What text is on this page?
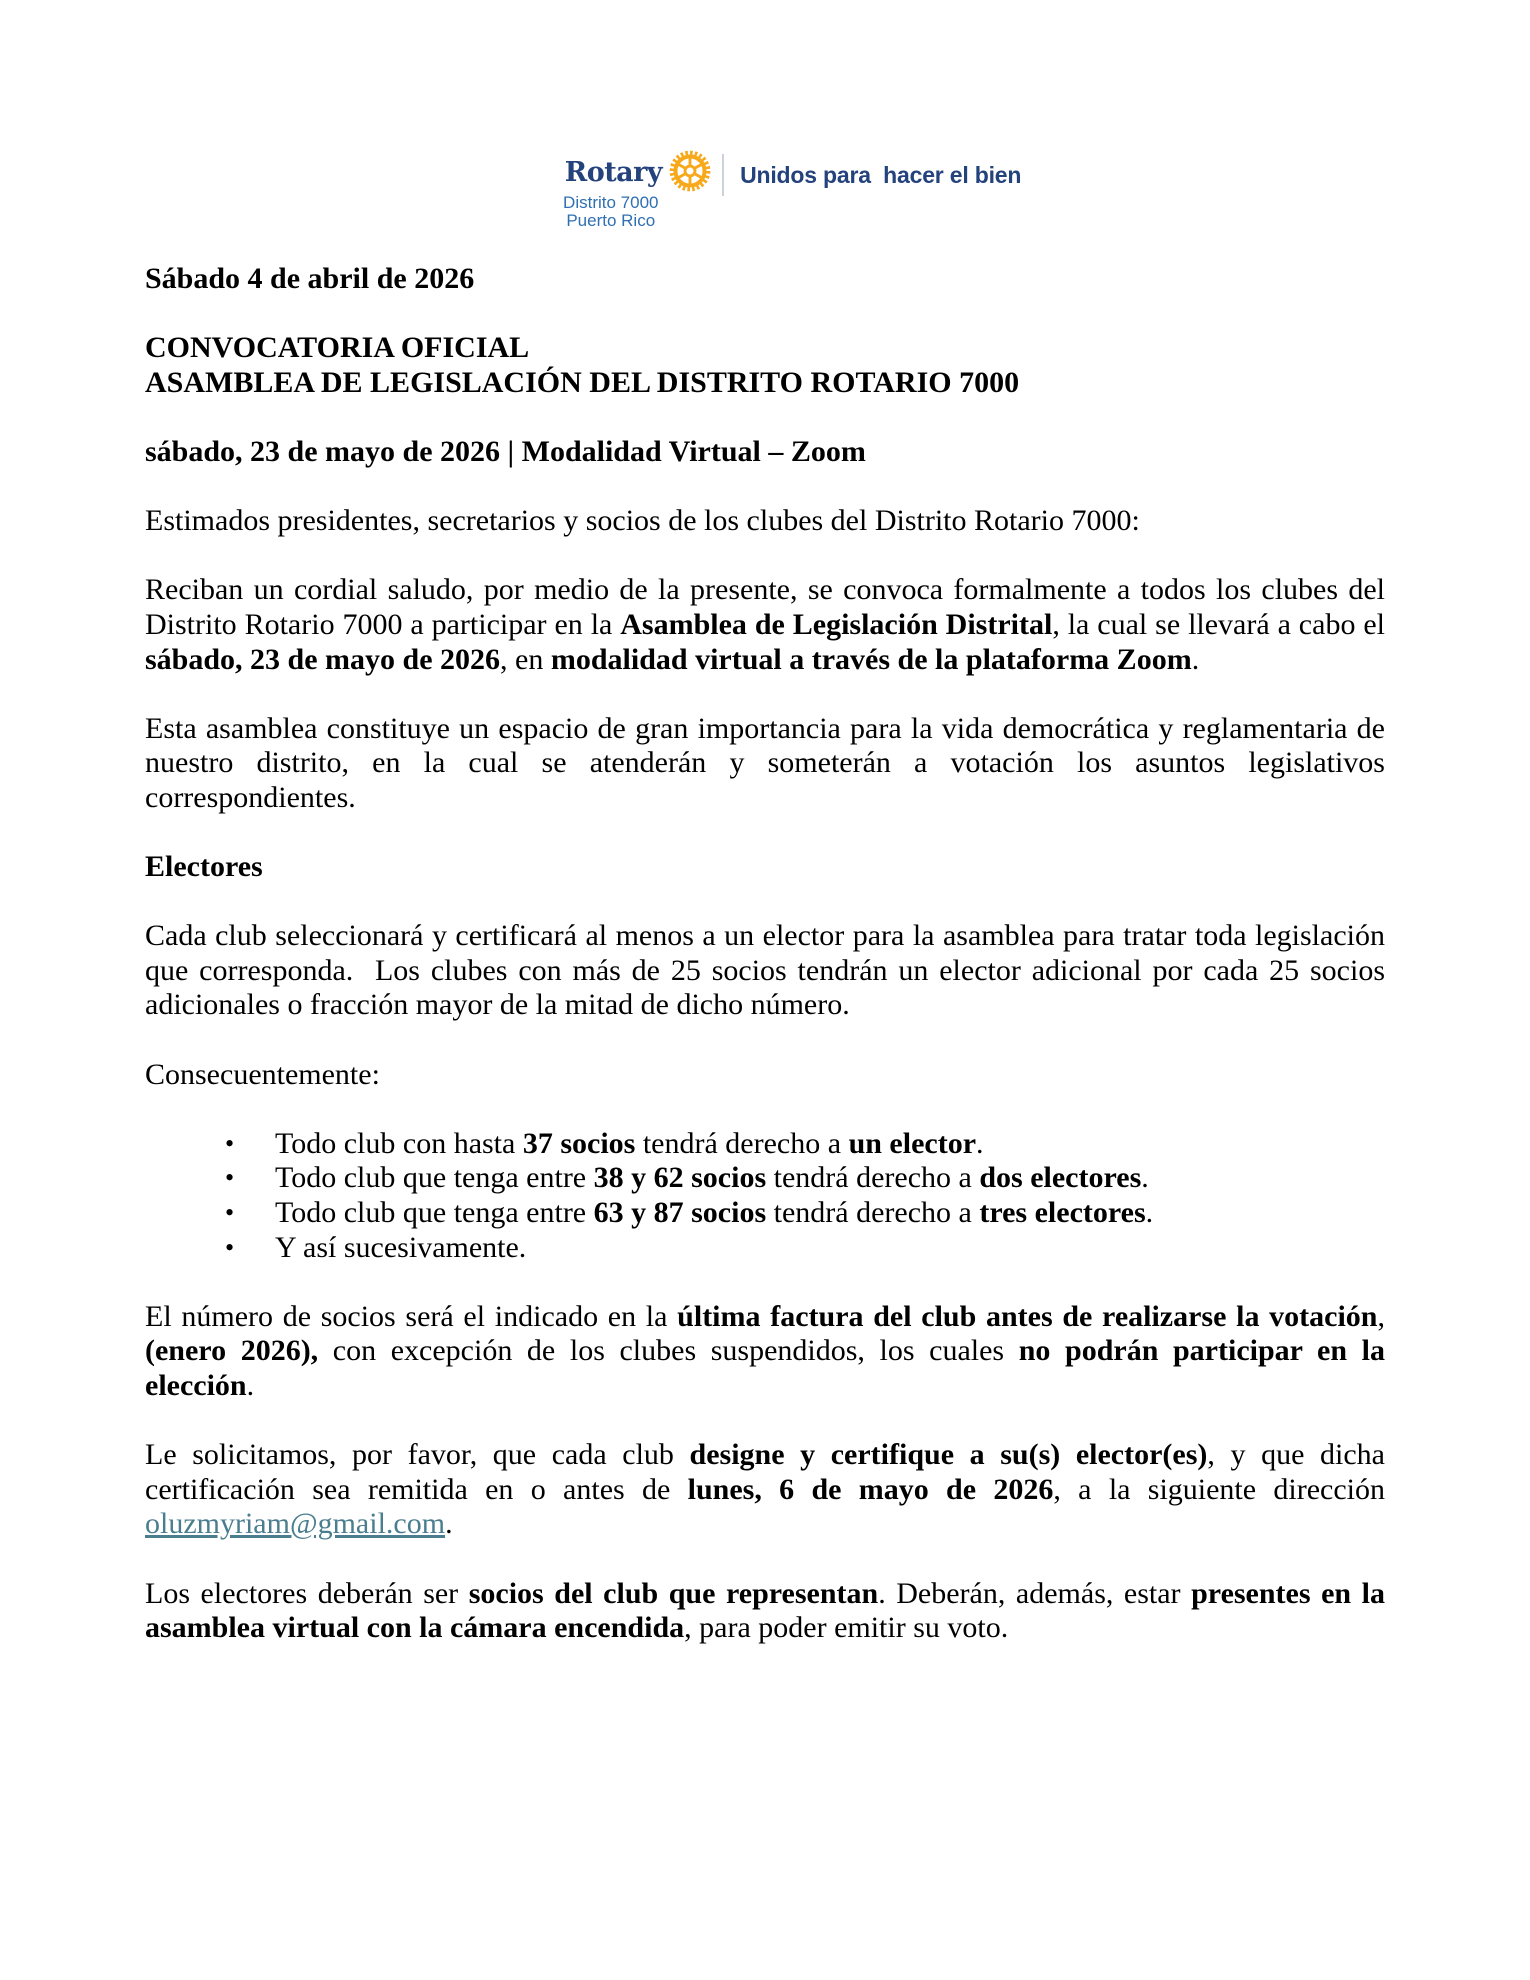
Rotary
Distrito 7000
Puerto Rico
Unidos para  hacer el bien
Sábado 4 de abril de 2026
CONVOCATORIA OFICIAL
ASAMBLEA DE LEGISLACIÓN DEL DISTRITO ROTARIO 7000
sábado, 23 de mayo de 2026 | Modalidad Virtual – Zoom
Estimados presidentes, secretarios y socios de los clubes del Distrito Rotario 7000:
Reciban un cordial saludo, por medio de la presente, se convoca formalmente a todos los clubes del Distrito Rotario 7000 a participar en la Asamblea de Legislación Distrital, la cual se llevará a cabo el sábado, 23 de mayo de 2026, en modalidad virtual a través de la plataforma Zoom.
Esta asamblea constituye un espacio de gran importancia para la vida democrática y reglamentaria de nuestro distrito, en la cual se atenderán y someterán a votación los asuntos legislativos correspondientes.
Electores
Cada club seleccionará y certificará al menos a un elector para la asamblea para tratar toda legislación que corresponda.  Los clubes con más de 25 socios tendrán un elector adicional por cada 25 socios adicionales o fracción mayor de la mitad de dicho número.
Consecuentemente:
•	Todo club con hasta 37 socios tendrá derecho a un elector.
•	Todo club que tenga entre 38 y 62 socios tendrá derecho a dos electores.
•	Todo club que tenga entre 63 y 87 socios tendrá derecho a tres electores.
•	Y así sucesivamente.
El número de socios será el indicado en la última factura del club antes de realizarse la votación, (enero 2026), con excepción de los clubes suspendidos, los cuales no podrán participar en la elección.
Le solicitamos, por favor, que cada club designe y certifique a su(s) elector(es), y que dicha certificación sea remitida en o antes de lunes, 6 de mayo de 2026, a la siguiente dirección oluzmyriam@gmail.com.
Los electores deberán ser socios del club que representan. Deberán, además, estar presentes en la asamblea virtual con la cámara encendida, para poder emitir su voto.
